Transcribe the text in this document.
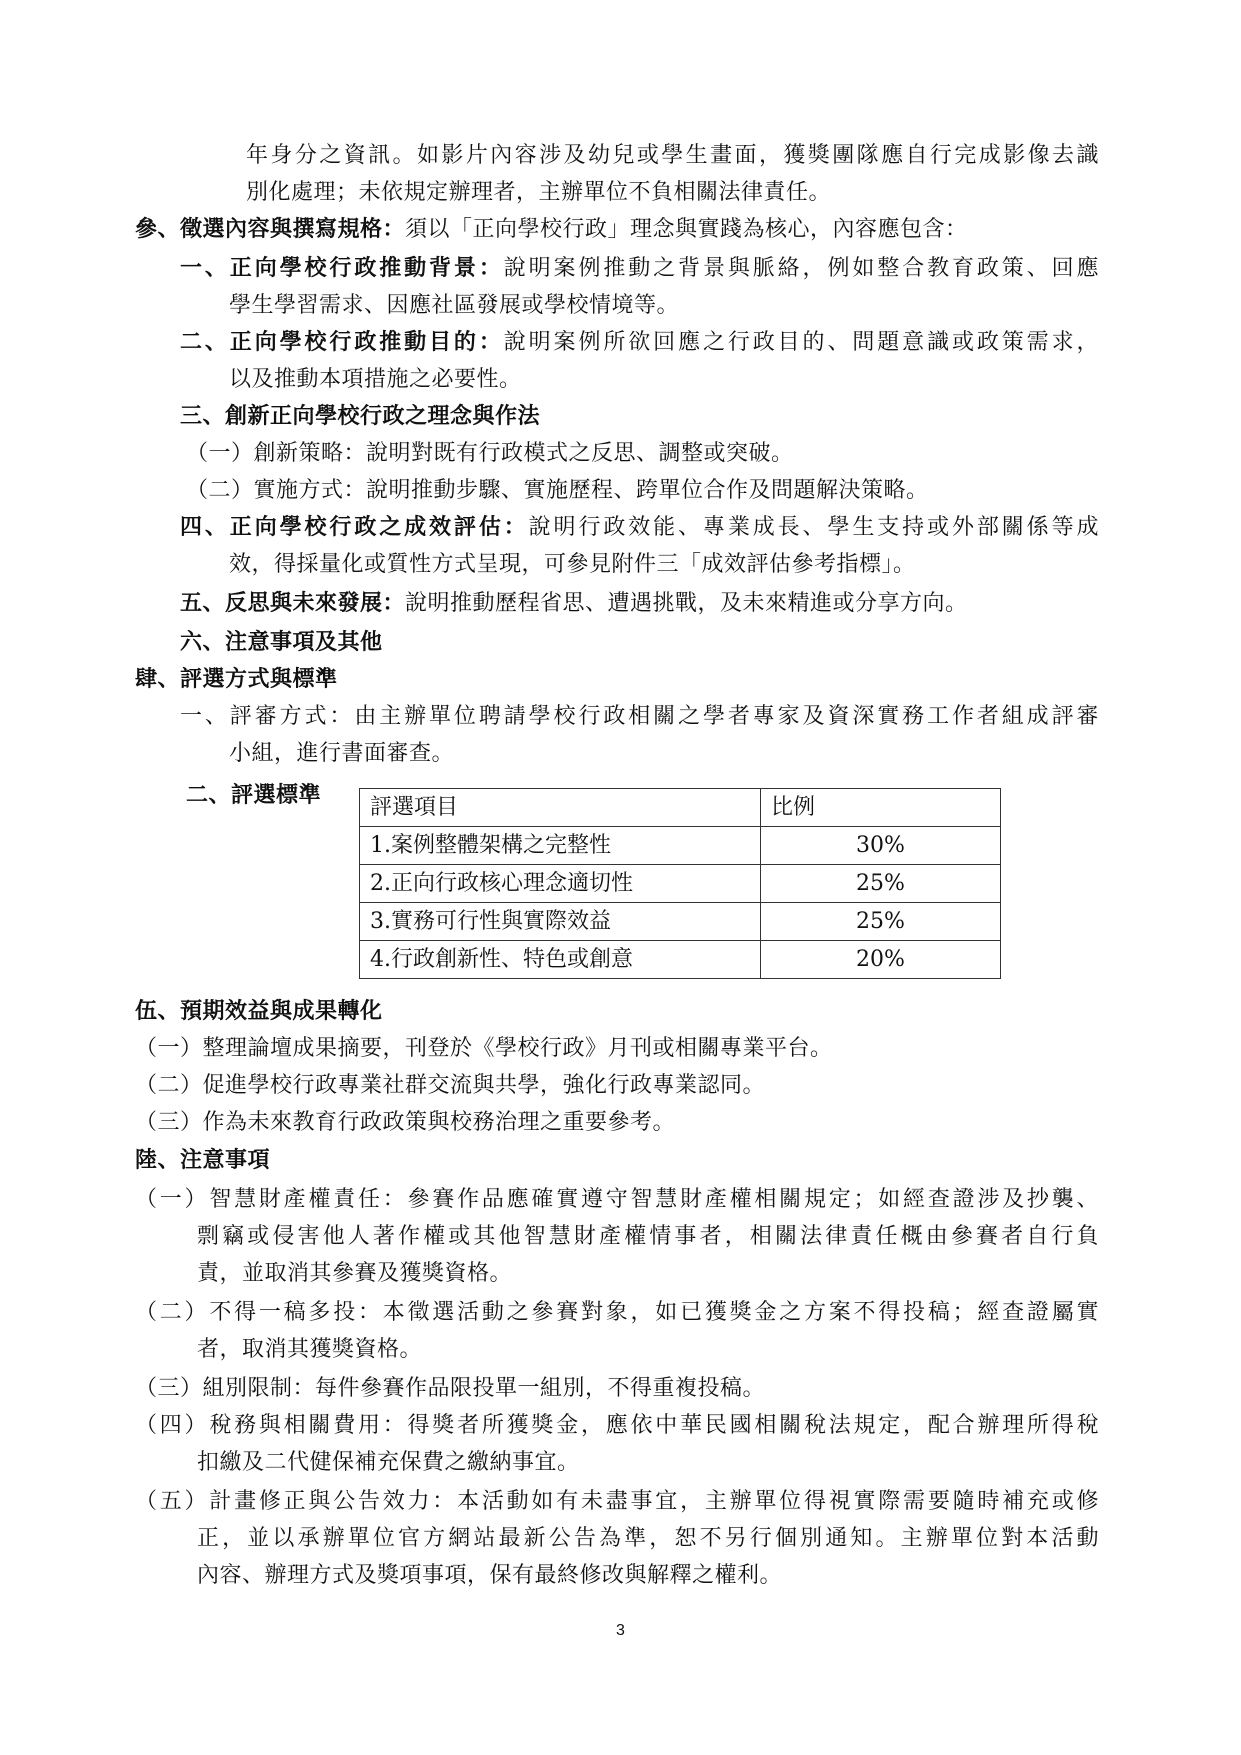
年身分之資訊。如影片內容涉及幼兒或學生畫面，獲獎團隊應自行完成影像去識
別化處理；未依規定辦理者，主辦單位不負相關法律責任。
參、徵選內容與撰寫規格：須以「正向學校行政」理念與實踐為核心，內容應包含：
一、正向學校行政推動背景：說明案例推動之背景與脈絡，例如整合教育政策、回應
學生學習需求、因應社區發展或學校情境等。
二、正向學校行政推動目的：說明案例所欲回應之行政目的、問題意識或政策需求，
以及推動本項措施之必要性。
三、創新正向學校行政之理念與作法
（一）創新策略：說明對既有行政模式之反思、調整或突破。
（二）實施方式：說明推動步驟、實施歷程、跨單位合作及問題解決策略。
四、正向學校行政之成效評估：說明行政效能、專業成長、學生支持或外部關係等成
效，得採量化或質性方式呈現，可參見附件三「成效評估參考指標」。
五、反思與未來發展：說明推動歷程省思、遭遇挑戰，及未來精進或分享方向。
六、注意事項及其他
肆、評選方式與標準
一、評審方式：由主辦單位聘請學校行政相關之學者專家及資深實務工作者組成評審
小組，進行書面審查。
二、評選標準	評選項目	比例
1.案例整體架構之完整性	30%
2.正向行政核心理念適切性	25%
3.實務可行性與實際效益	25%
4.行政創新性、特色或創意	20%
伍、預期效益與成果轉化
（一）整理論壇成果摘要，刊登於《學校行政》月刊或相關專業平台。
（二）促進學校行政專業社群交流與共學，強化行政專業認同。
（三）作為未來教育行政政策與校務治理之重要參考。
陸、注意事項
（一）智慧財產權責任：參賽作品應確實遵守智慧財產權相關規定；如經查證涉及抄襲、
剽竊或侵害他人著作權或其他智慧財產權情事者，相關法律責任概由參賽者自行負
責，並取消其參賽及獲獎資格。
（二）不得一稿多投：本徵選活動之參賽對象，如已獲獎金之方案不得投稿；經查證屬實
者，取消其獲獎資格。
（三）組別限制：每件參賽作品限投單一組別，不得重複投稿。
（四）稅務與相關費用：得獎者所獲獎金，應依中華民國相關稅法規定，配合辦理所得稅
扣繳及二代健保補充保費之繳納事宜。
（五）計畫修正與公告效力：本活動如有未盡事宜，主辦單位得視實際需要隨時補充或修
正，並以承辦單位官方網站最新公告為準，恕不另行個別通知。主辦單位對本活動
內容、辦理方式及獎項事項，保有最終修改與解釋之權利。
3
